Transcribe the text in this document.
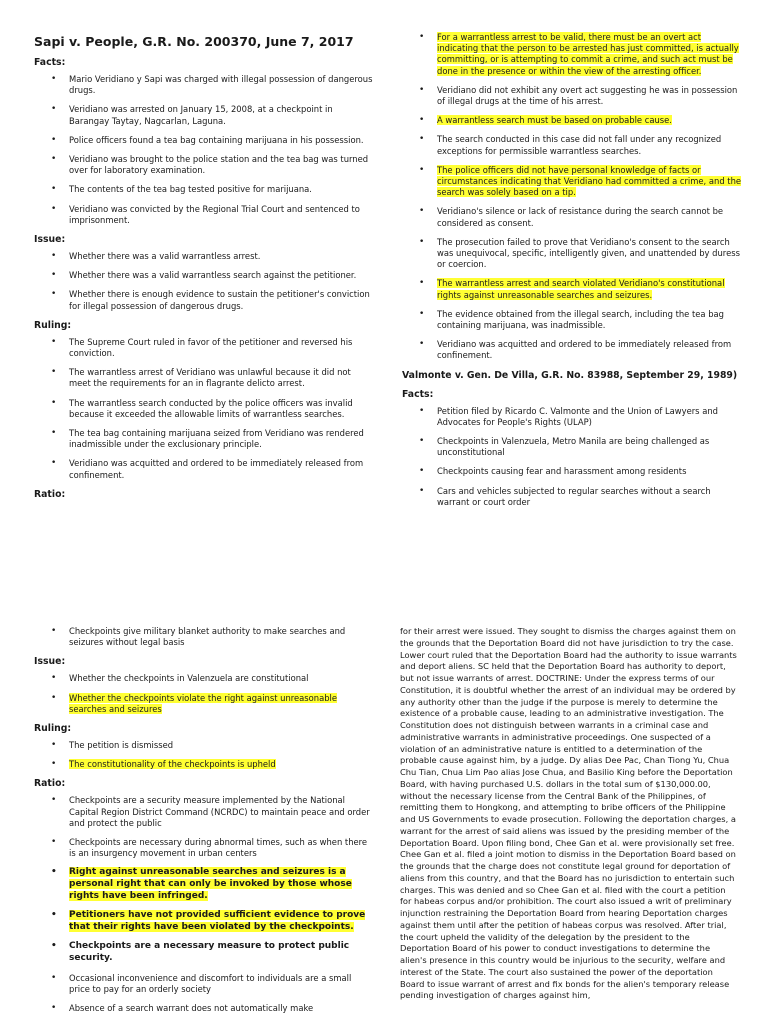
Sapi v. People, G.R. No. 200370, June 7, 2017
Facts:
• Mario Veridiano y Sapi was charged with illegal possession of dangerous drugs.
• Veridiano was arrested on January 15, 2008, at a checkpoint in Barangay Taytay, Nagcarlan, Laguna.
• Police officers found a tea bag containing marijuana in his possession.
• Veridiano was brought to the police station and the tea bag was turned over for laboratory examination.
• The contents of the tea bag tested positive for marijuana.
• Veridiano was convicted by the Regional Trial Court and sentenced to imprisonment.
Issue:
• Whether there was a valid warrantless arrest.
• Whether there was a valid warrantless search against the petitioner.
• Whether there is enough evidence to sustain the petitioner's conviction for illegal possession of dangerous drugs.
Ruling:
• The Supreme Court ruled in favor of the petitioner and reversed his conviction.
• The warrantless arrest of Veridiano was unlawful because it did not meet the requirements for an in flagrante delicto arrest.
• The warrantless search conducted by the police officers was invalid because it exceeded the allowable limits of warrantless searches.
• The tea bag containing marijuana seized from Veridiano was rendered inadmissible under the exclusionary principle.
• Veridiano was acquitted and ordered to be immediately released from confinement.
Ratio:
• For a warrantless arrest to be valid, there must be an overt act indicating that the person to be arrested has just committed, is actually committing, or is attempting to commit a crime, and such act must be done in the presence or within the view of the arresting officer.
• Veridiano did not exhibit any overt act suggesting he was in possession of illegal drugs at the time of his arrest.
• A warrantless search must be based on probable cause.
• The search conducted in this case did not fall under any recognized exceptions for permissible warrantless searches.
• The police officers did not have personal knowledge of facts or circumstances indicating that Veridiano had committed a crime, and the search was solely based on a tip.
• Veridiano's silence or lack of resistance during the search cannot be considered as consent.
• The prosecution failed to prove that Veridiano's consent to the search was unequivocal, specific, intelligently given, and unattended by duress or coercion.
• The warrantless arrest and search violated Veridiano's constitutional rights against unreasonable searches and seizures.
• The evidence obtained from the illegal search, including the tea bag containing marijuana, was inadmissible.
• Veridiano was acquitted and ordered to be immediately released from confinement.
Valmonte v. Gen. De Villa, G.R. No. 83988, September 29, 1989)
Facts:
• Petition filed by Ricardo C. Valmonte and the Union of Lawyers and Advocates for People's Rights (ULAP)
• Checkpoints in Valenzuela, Metro Manila are being challenged as unconstitutional
• Checkpoints causing fear and harassment among residents
• Cars and vehicles subjected to regular searches without a search warrant or court order
• Checkpoints give military blanket authority to make searches and seizures without legal basis
Issue:
• Whether the checkpoints in Valenzuela are constitutional
• Whether the checkpoints violate the right against unreasonable searches and seizures
Ruling:
• The petition is dismissed
• The constitutionality of the checkpoints is upheld
Ratio:
• Checkpoints are a security measure implemented by the National Capital Region District Command (NCRDC) to maintain peace and order and protect the public
• Checkpoints are necessary during abnormal times, such as when there is an insurgency movement in urban centers
• Right against unreasonable searches and seizures is a personal right that can only be invoked by those whose rights have been infringed.
• Petitioners have not provided sufficient evidence to prove that their rights have been violated by the checkpoints.
• Checkpoints are a necessary measure to protect public security.
• Occasional inconvenience and discomfort to individuals are a small price to pay for an orderly society
• Absence of a search warrant does not automatically make

for their arrest were issued. They sought to dismiss the charges against them on the grounds that the Deportation Board did not have jurisdiction to try the case. Lower court ruled that the Deportation Board had the authority to issue warrants and deport aliens. SC held that the Deportation Board has authority to deport, but not issue warrants of arrest. DOCTRINE: Under the express terms of our Constitution, it is doubtful whether the arrest of an individual may be ordered by any authority other than the judge if the purpose is merely to determine the existence of a probable cause, leading to an administrative investigation. The Constitution does not distinguish between warrants in a criminal case and administrative warrants in administrative proceedings. One suspected of a violation of an administrative nature is entitled to a determination of the probable cause against him, by a judge. Dy alias Dee Pac, Chan Tiong Yu, Chua Chu Tian, Chua Lim Pao alias Jose Chua, and Basilio King before the Deportation Board, with having purchased U.S. dollars in the total sum of $130,000.00, without the necessary license from the Central Bank of the Philippines, of remitting them to Hongkong, and attempting to bribe officers of the Philippine and US Governments to evade prosecution. Following the deportation charges, a warrant for the arrest of said aliens was issued by the presiding member of the Deportation Board. Upon filing bond, Chee Gan et al. were provisionally set free. Chee Gan et al. filed a joint motion to dismiss in the Deportation Board based on the grounds that the charge does not constitute legal ground for deportation of aliens from this country, and that the Board has no jurisdiction to entertain such charges. This was denied and so Chee Gan et al. filed with the court a petition for habeas corpus and/or prohibition. The court also issued a writ of preliminary injunction restraining the Deportation Board from hearing Deportation charges against them until after the petition of habeas corpus was resolved. After trial, the court upheld the validity of the delegation by the president to the Deportation Board of his power to conduct investigations to determine the alien's presence in this country would be injurious to the security, welfare and interest of the State. The court also sustained the power of the deportation Board to issue warrant of arrest and fix bonds for the alien's temporary release pending investigation of charges against him,
